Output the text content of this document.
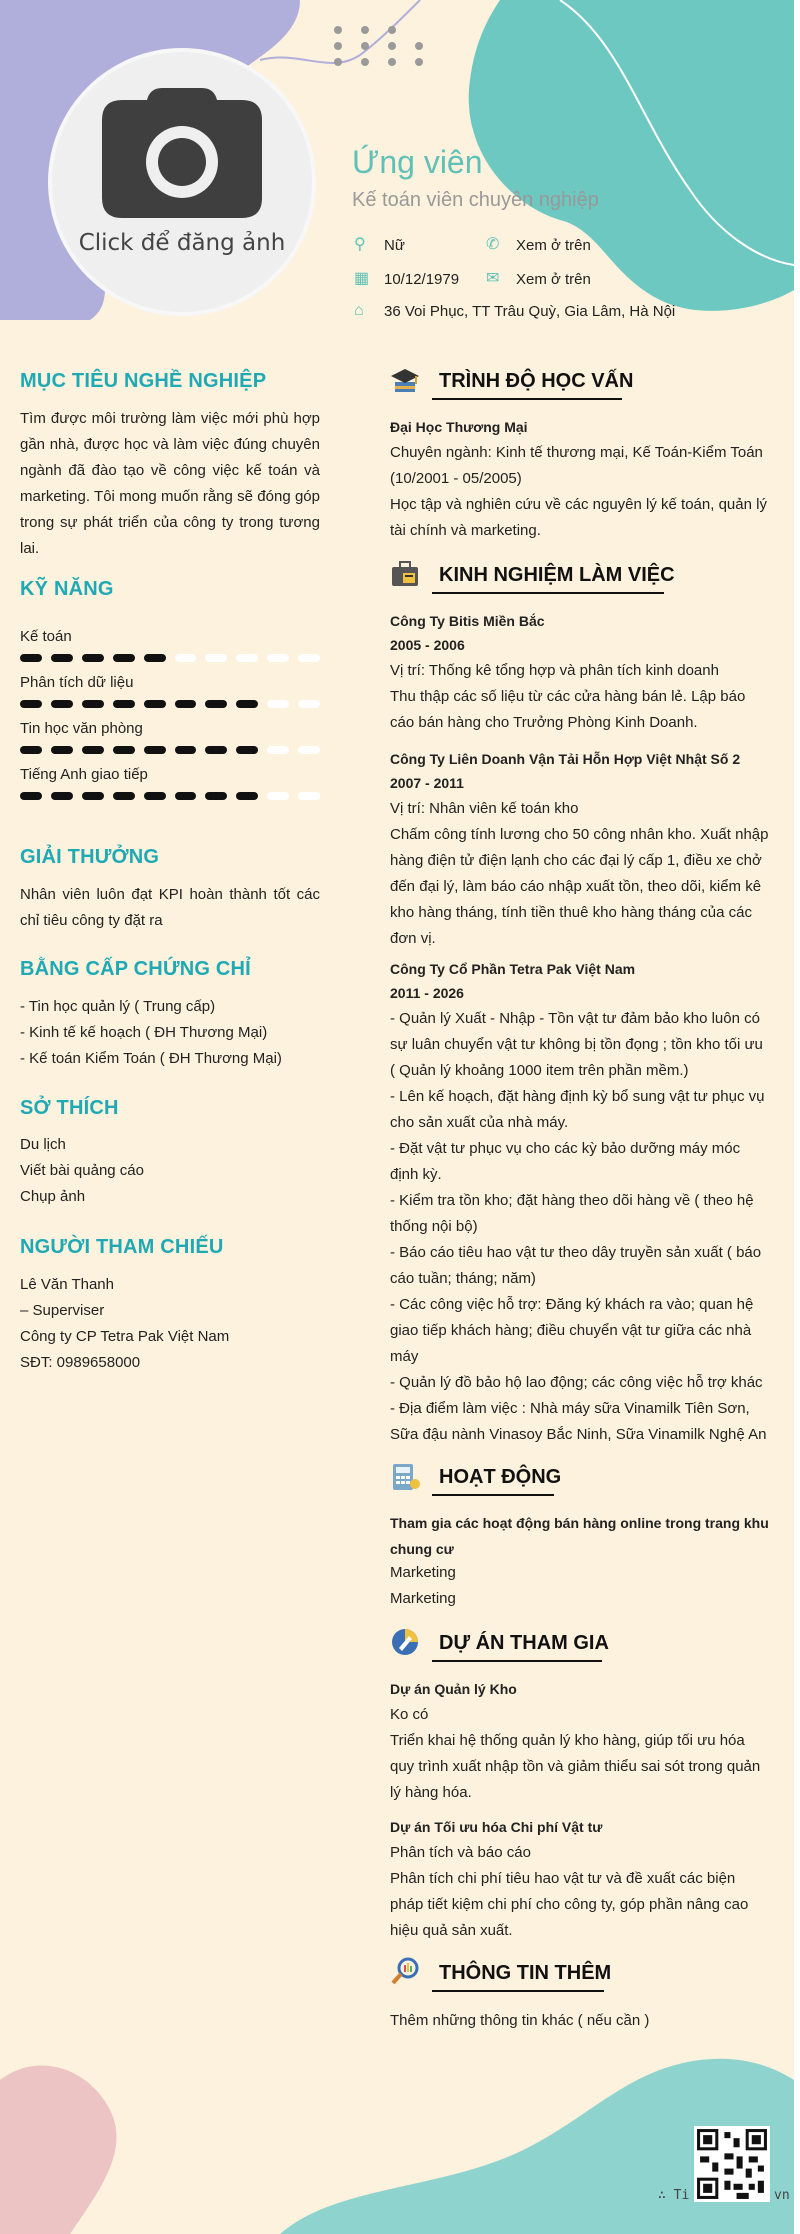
Click để đăng ảnh
Ứng viên
Kế toán viên chuyên nghiệp
⚲	Nữ	✆	Xem ở trên
▦ 10/12/1979 ✉	Xem ở trên
⌂	36 Voi Phục, TT Trâu Quỳ, Gia Lâm, Hà Nội
MỤC TIÊU NGHỀ NGHIỆP
Tìm được môi trường làm việc mới phù hợp gần nhà, được học và làm việc đúng chuyên ngành đã đào tạo về công việc kế toán và marketing. Tôi mong muốn rằng sẽ đóng góp trong sự phát triển của công ty trong tương lai.
KỸ NĂNG
Kế toán
Phân tích dữ liệu
Tin học văn phòng
Tiếng Anh giao tiếp
GIẢI THƯỞNG
Nhân viên luôn đạt KPI hoàn thành tốt các chỉ tiêu công ty đặt ra
BẰNG CẤP CHỨNG CHỈ
- Tin học quản lý ( Trung cấp)
- Kinh tế kế hoạch ( ĐH Thương Mại)
- Kế toán Kiểm Toán ( ĐH Thương Mại)
SỞ THÍCH
Du lịch
Viết bài quảng cáo
Chụp ảnh
NGƯỜI THAM CHIẾU
Lê Văn Thanh
– Superviser
Công ty CP Tetra Pak Việt Nam
SĐT: 0989658000
TRÌNH ĐỘ HỌC VẤN
Đại Học Thương Mại
Chuyên ngành: Kinh tế thương mại, Kế Toán-Kiểm Toán (10/2001 - 05/2005)
Học tập và nghiên cứu về các nguyên lý kế toán, quản lý tài chính và marketing.
KINH NGHIỆM LÀM VIỆC
Công Ty Bitis Miền Bắc
2005 - 2006
Vị trí: Thống kê tổng hợp và phân tích kinh doanh
Thu thập các số liệu từ các cửa hàng bán lẻ. Lập báo cáo bán hàng cho Trưởng Phòng Kinh Doanh.
Công Ty Liên Doanh Vận Tải Hỗn Hợp Việt Nhật Số 2
2007 - 2011
Vị trí: Nhân viên kế toán kho
Chấm công tính lương cho 50 công nhân kho. Xuất nhập hàng điện tử điện lạnh cho các đại lý cấp 1, điều xe chở đến đại lý, làm báo cáo nhập xuất tồn, theo dõi, kiểm kê kho hàng tháng, tính tiền thuê kho hàng tháng của các đơn vị.
Công Ty Cổ Phần Tetra Pak Việt Nam
2011 - 2026
- Quản lý Xuất - Nhập - Tồn vật tư đảm bảo kho luôn có sự luân chuyển vật tư không bị tồn đọng ; tồn kho tối ưu ( Quản lý khoảng 1000 item trên phần mềm.)
- Lên kế hoạch, đặt hàng định kỳ bổ sung vật tư phục vụ cho sản xuất của nhà máy.
- Đặt vật tư phục vụ cho các kỳ bảo dưỡng máy móc định kỳ.
- Kiểm tra tồn kho; đặt hàng theo dõi hàng về ( theo hệ thống nội bộ)
- Báo cáo tiêu hao vật tư theo dây truyền sản xuất ( báo cáo tuần; tháng; năm)
- Các công việc hỗ trợ: Đăng ký khách ra vào; quan hệ giao tiếp khách hàng; điều chuyển vật tư giữa các nhà máy
- Quản lý đồ bảo hộ lao động; các công việc hỗ trợ khác
- Địa điểm làm việc : Nhà máy sữa Vinamilk Tiên Sơn, Sữa đậu nành Vinasoy Bắc Ninh, Sữa Vinamilk Nghệ An
HOẠT ĐỘNG
Tham gia các hoạt động bán hàng online trong trang khu chung cư
Marketing
Marketing
DỰ ÁN THAM GIA
Dự án Quản lý Kho
Ko có
Triển khai hệ thống quản lý kho hàng, giúp tối ưu hóa quy trình xuất nhập tồn và giảm thiểu sai sót trong quản lý hàng hóa.
Dự án Tối ưu hóa Chi phí Vật tư
Phân tích và báo cáo
Phân tích chi phí tiêu hao vật tư và đề xuất các biện pháp tiết kiệm chi phí cho công ty, góp phần nâng cao hiệu quả sản xuất.
THÔNG TIN THÊM
Thêm những thông tin khác ( nếu cần )
∴ Ti	vn
